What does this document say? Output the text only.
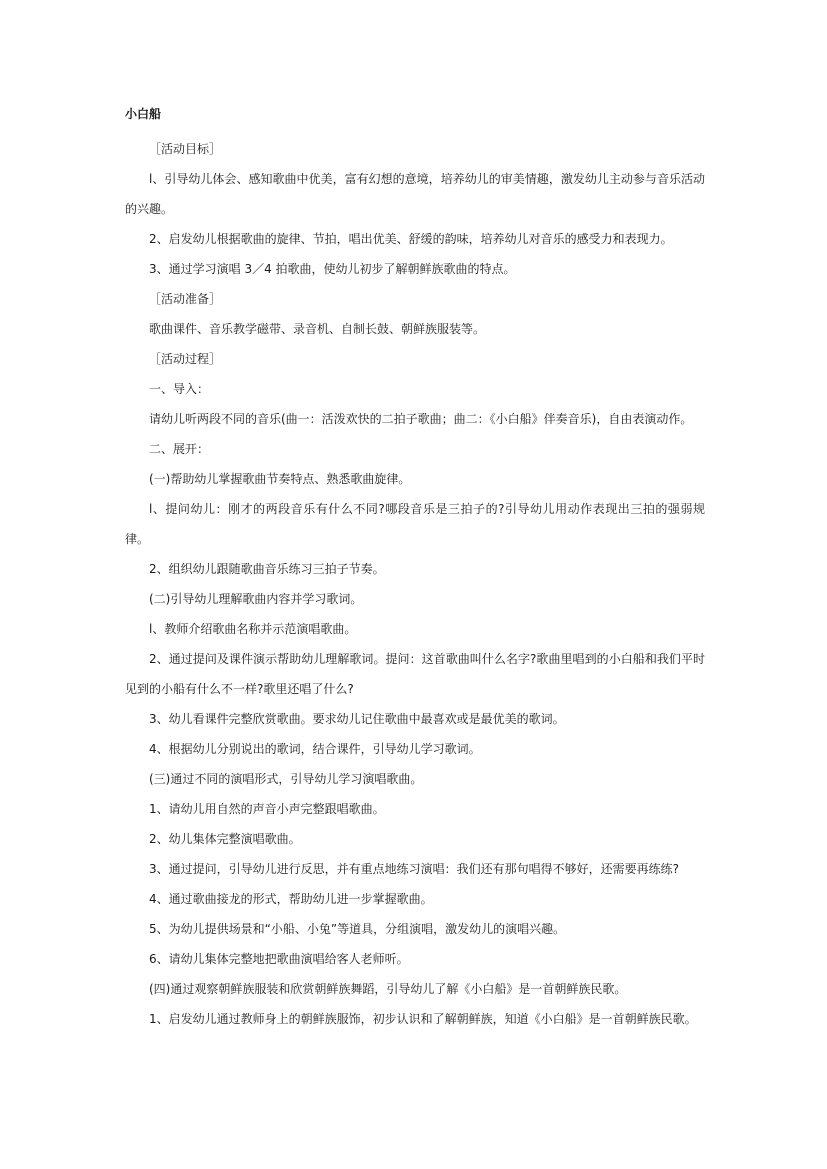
小白船

［活动目标］

l、引导幼儿体会、感知歌曲中优美，富有幻想的意境，培养幼儿的审美情趣，激发幼儿主动参与音乐活动的兴趣。

2、启发幼儿根据歌曲的旋律、节拍，唱出优美、舒缓的韵味，培养幼儿对音乐的感受力和表现力。

3、通过学习演唱 3／4 拍歌曲，使幼儿初步了解朝鲜族歌曲的特点。

［活动准备］

歌曲课件、音乐教学磁带、录音机、自制长鼓、朝鲜族服装等。

［活动过程］

一、导入：

请幼儿听两段不同的音乐(曲一：活泼欢快的二拍子歌曲；曲二：《小白船》伴奏音乐)，自由表演动作。

二、展开：

(一)帮助幼儿掌握歌曲节奏特点、熟悉歌曲旋律。

l、提问幼儿：刚才的两段音乐有什么不同?哪段音乐是三拍子的?引导幼儿用动作表现出三拍的强弱规律。

2、组织幼儿跟随歌曲音乐练习三拍子节奏。

(二)引导幼儿理解歌曲内容并学习歌词。

l、教师介绍歌曲名称并示范演唱歌曲。

2、通过提问及课件演示帮助幼儿理解歌词。提问：这首歌曲叫什么名字?歌曲里唱到的小白船和我们平时见到的小船有什么不一样?歌里还唱了什么?

3、幼儿看课件完整欣赏歌曲。要求幼儿记住歌曲中最喜欢或是最优美的歌词。

4、根据幼儿分别说出的歌词，结合课件，引导幼儿学习歌词。

(三)通过不同的演唱形式，引导幼儿学习演唱歌曲。

1、请幼儿用自然的声音小声完整跟唱歌曲。

2、幼儿集体完整演唱歌曲。

3、通过提问，引导幼儿进行反思，并有重点地练习演唱：我们还有那句唱得不够好，还需要再练练?

4、通过歌曲接龙的形式，帮助幼儿进一步掌握歌曲。

5、为幼儿提供场景和“小船、小兔”等道具，分组演唱，激发幼儿的演唱兴趣。

6、请幼儿集体完整地把歌曲演唱给客人老师听。

(四)通过观察朝鲜族服装和欣赏朝鲜族舞蹈，引导幼儿了解《小白船》是一首朝鲜族民歌。

1、启发幼儿通过教师身上的朝鲜族服饰，初步认识和了解朝鲜族，知道《小白船》是一首朝鲜族民歌。
